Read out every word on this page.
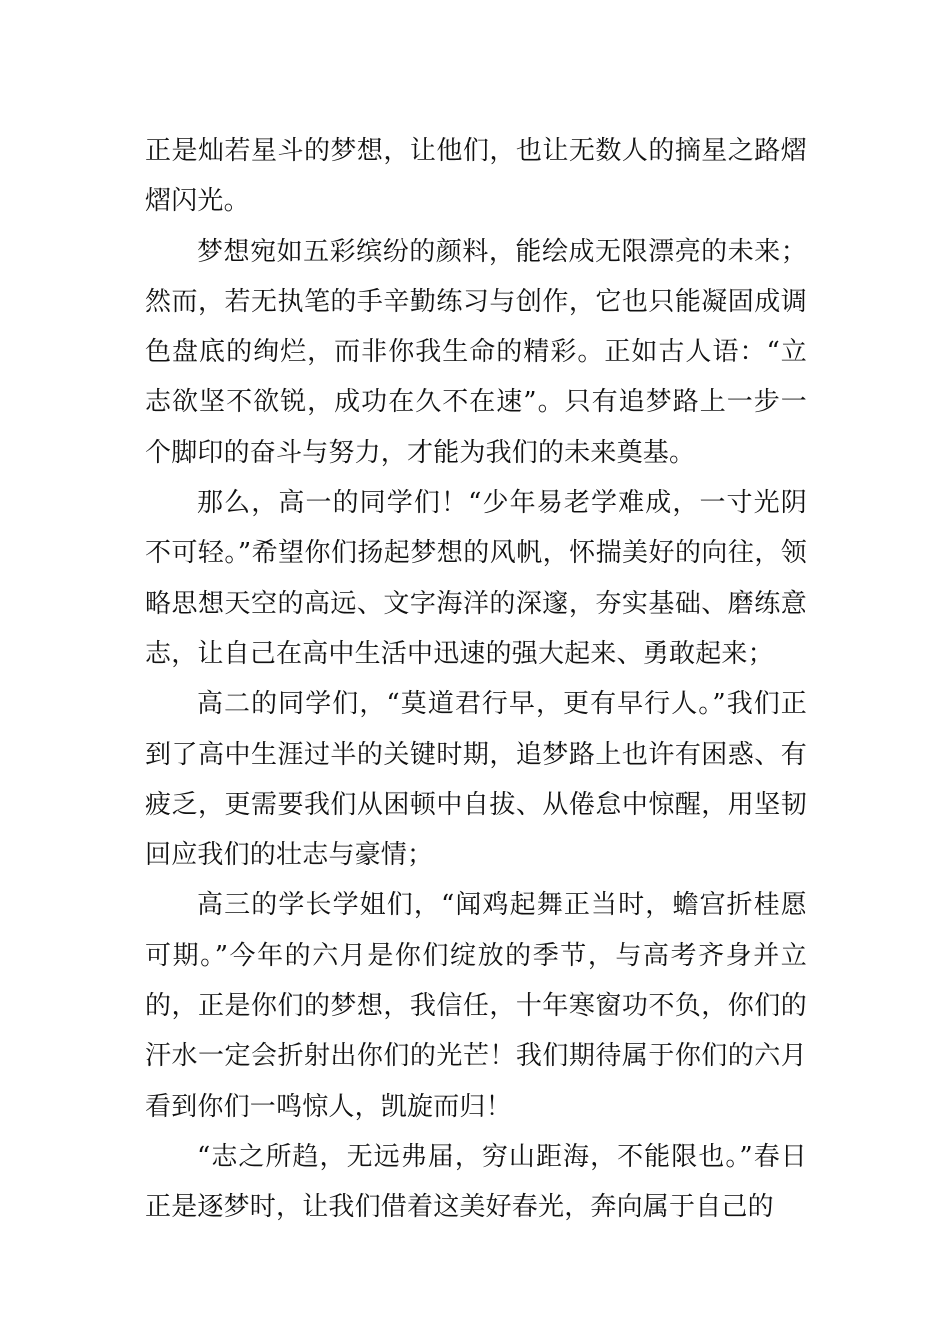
正是灿若星斗的梦想，让他们，也让无数人的摘星之路熠熠闪光。

梦想宛如五彩缤纷的颜料，能绘成无限漂亮的未来；然而，若无执笔的手辛勤练习与创作，它也只能凝固成调色盘底的绚烂，而非你我生命的精彩。正如古人语：“立志欲坚不欲锐，成功在久不在速”。只有追梦路上一步一个脚印的奋斗与努力，才能为我们的未来奠基。

那么，高一的同学们！“少年易老学难成，一寸光阴不可轻。”希望你们扬起梦想的风帆，怀揣美好的向往，领略思想天空的高远、文字海洋的深邃，夯实基础、磨练意志，让自己在高中生活中迅速的强大起来、勇敢起来；

高二的同学们，“莫道君行早，更有早行人。”我们正到了高中生涯过半的关键时期，追梦路上也许有困惑、有疲乏，更需要我们从困顿中自拔、从倦怠中惊醒，用坚韧回应我们的壮志与豪情；

高三的学长学姐们，“闻鸡起舞正当时，蟾宫折桂愿可期。”今年的六月是你们绽放的季节，与高考齐身并立的，正是你们的梦想，我信任，十年寒窗功不负，你们的汗水一定会折射出你们的光芒！我们期待属于你们的六月看到你们一鸣惊人，凯旋而归！

“志之所趋，无远弗届，穷山距海，不能限也。”春日正是逐梦时，让我们借着这美好春光，奔向属于自己的
